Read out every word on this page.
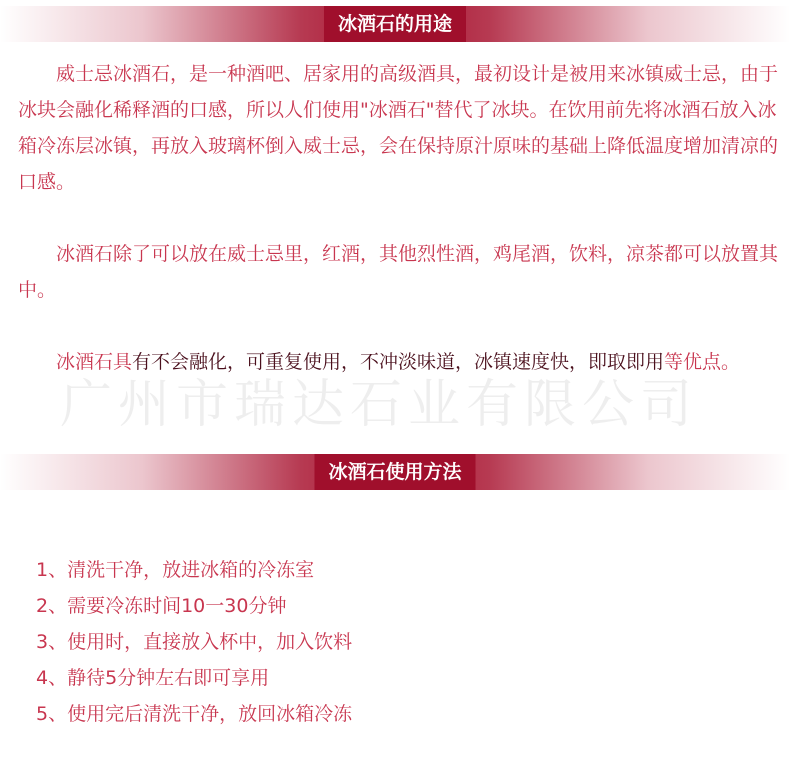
冰酒石的用途

威士忌冰酒石，是一种酒吧、居家用的高级酒具，最初设计是被用来冰镇威士忌，由于冰块会融化稀释酒的口感，所以人们使用"冰酒石"替代了冰块。在饮用前先将冰酒石放入冰箱冷冻层冰镇，再放入玻璃杯倒入威士忌，会在保持原汁原味的基础上降低温度增加清凉的口感。

冰酒石除了可以放在威士忌里，红酒，其他烈性酒，鸡尾酒，饮料，凉茶都可以放置其中。

广州市瑞达石业有限公司

冰酒石具有不会融化，可重复使用，不冲淡味道，冰镇速度快，即取即用等优点。

冰酒石使用方法
1、清洗干净，放进冰箱的冷冻室
2、需要冷冻时间10一30分钟
3、使用时，直接放入杯中，加入饮料
4、静待5分钟左右即可享用
5、使用完后清洗干净，放回冰箱冷冻
